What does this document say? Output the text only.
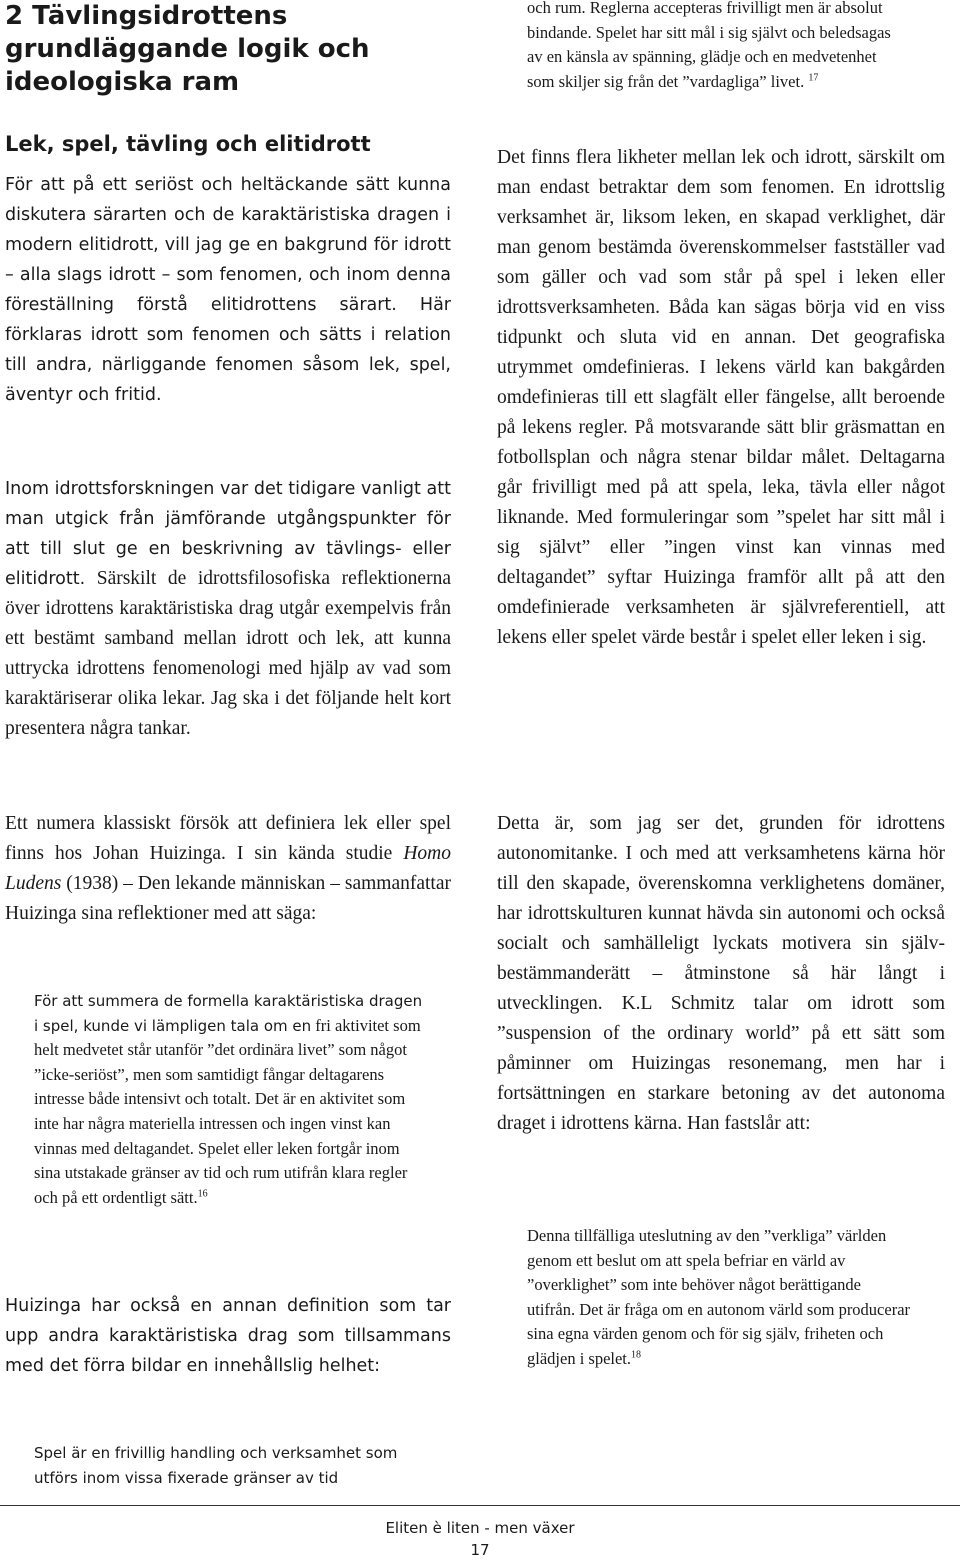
2 Tävlingsidrottens grundläggande logik och ideologiska ram
Lek, spel, tävling och elitidrott

För att på ett seriöst och heltäckande sätt kunna diskutera särarten och de karaktäristiska dragen i modern elitidrott, vill jag ge en bakgrund för idrott – alla slags idrott – som fenomen, och inom denna föreställning förstå elitidrottens särart. Här förklaras idrott som fenomen och sätts i relation till andra, närliggande fenomen såsom lek, spel, äventyr och fritid.

Inom idrottsforskningen var det tidigare vanligt att man utgick från jämförande utgångspunkter för att till slut ge en beskrivning av tävlings- eller elitidrott. Särskilt de idrottsfilosofiska reflektionerna över idrottens karaktäristiska drag utgår exempelvis från ett bestämt samband mellan idrott och lek, att kunna uttrycka idrottens fenomenologi med hjälp av vad som karaktäriserar olika lekar. Jag ska i det följande helt kort presentera några tankar.

Ett numera klassiskt försök att definiera lek eller spel finns hos Johan Huizinga. I sin kända studie Homo Ludens (1938) – Den lekande människan – sammanfattar Huizinga sina reflektioner med att säga:

För att summera de formella karaktäristiska dragen i spel, kunde vi lämpligen tala om en fri aktivitet som helt medvetet står utanför ”det ordinära livet” som något ”icke-seriöst”, men som samtidigt fångar deltagarens intresse både intensivt och totalt. Det är en aktivitet som inte har några materiella intressen och ingen vinst kan vinnas med deltagandet. Spelet eller leken fortgår inom sina utstakade gränser av tid och rum utifrån klara regler och på ett ordentligt sätt.$^{16}$

Huizinga har också en annan definition som tar upp andra karaktäristiska drag som tillsammans med det förra bildar en innehållslig helhet:

Spel är en frivillig handling och verksamhet som utförs inom vissa fixerade gränser av tid

och rum. Reglerna accepteras frivilligt men är absolut bindande. Spelet har sitt mål i sig självt och beledsagas av en känsla av spänning, glädje och en medvetenhet som skiljer sig från det ”vardagliga” livet. $^{17}$

Det finns flera likheter mellan lek och idrott, särskilt om man endast betraktar dem som fenomen. En idrottslig verksamhet är, liksom leken, en skapad verklighet, där man genom bestämda överenskommelser fastställer vad som gäller och vad som står på spel i leken eller idrottsverksamheten. Båda kan sägas börja vid en viss tidpunkt och sluta vid en annan. Det geografiska utrymmet omdefinieras. I lekens värld kan bakgården omdefinieras till ett slagfält eller fängelse, allt beroende på lekens regler. På motsvarande sätt blir gräsmattan en fotbollsplan och några stenar bildar målet. Deltagarna går frivilligt med på att spela, leka, tävla eller något liknande. Med formuleringar som ”spelet har sitt mål i sig självt” eller ”ingen vinst kan vinnas med deltagandet” syftar Huizinga framför allt på att den omdefinierade verksamheten är självreferentiell, att lekens eller spelet värde består i spelet eller leken i sig.

Detta är, som jag ser det, grunden för idrottens autonomitanke. I och med att verksamhetens kärna hör till den skapade, överenskomna verklighetens domäner, har idrottskulturen kunnat hävda sin autonomi och också socialt och samhälleligt lyckats motivera sin självbestämmanderätt – åtminstone så här långt i utvecklingen. K.L Schmitz talar om idrott som ”suspension of the ordinary world” på ett sätt som påminner om Huizingas resonemang, men har i fortsättningen en starkare betoning av det autonoma draget i idrottens kärna. Han fastslår att:

Denna tillfälliga uteslutning av den ”verkliga” världen genom ett beslut om att spela befriar en värld av ”overklighet” som inte behöver något berättigande utifrån. Det är fråga om en autonom värld som producerar sina egna värden genom och för sig själv, friheten och glädjen i spelet.$^{18}$

Eliten è liten - men växer
17
